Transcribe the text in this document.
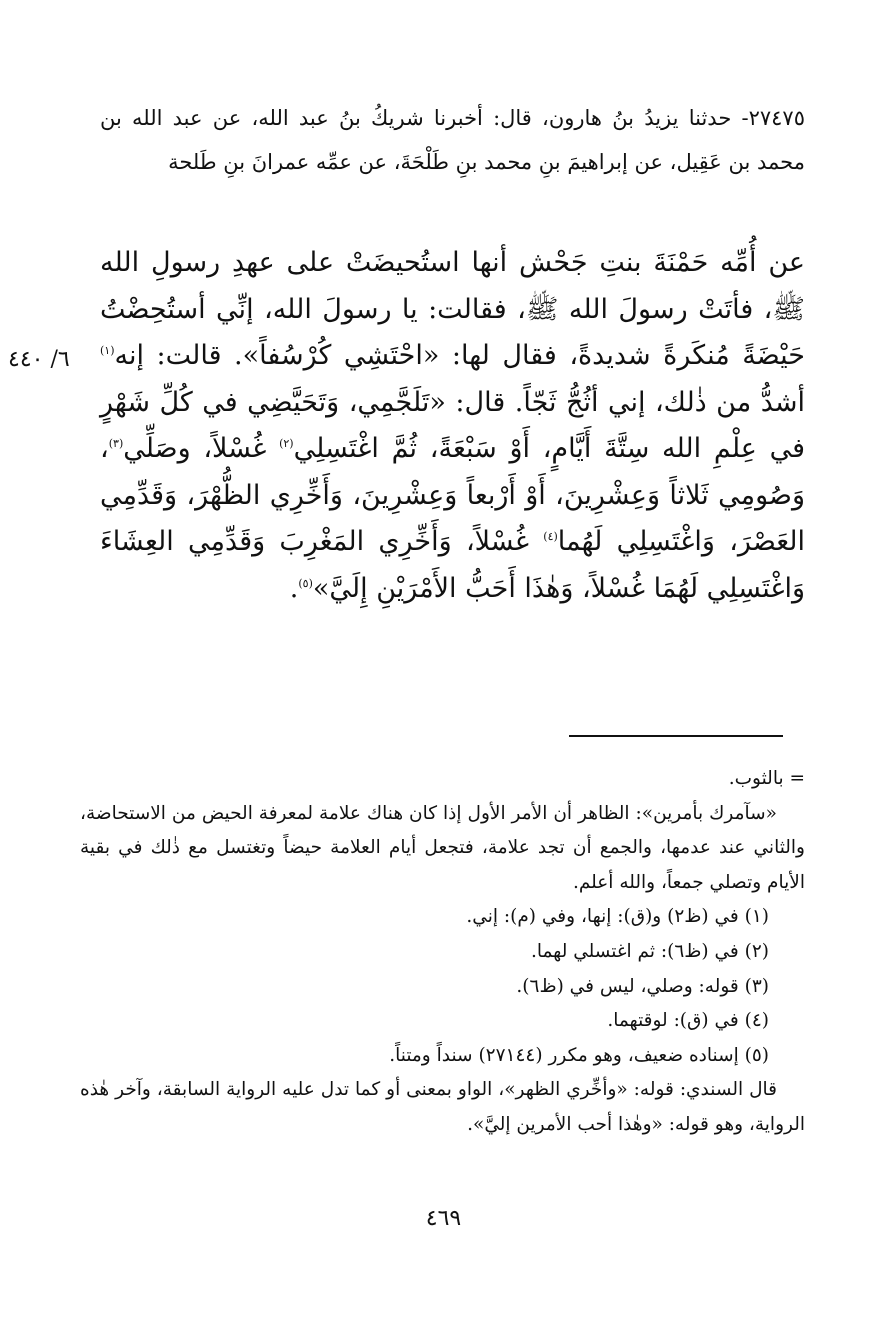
٢٧٤٧٥- حدثنا يزيدُ بنُ هارون، قال: أخبرنا شريكُ بنُ عبد الله، عن عبد الله بن محمد بن عَقِيل، عن إبراهيمَ بنِ محمد بنِ طَلْحَةَ، عن عمِّه عمرانَ بنِ طَلحة

عن أُمِّه حَمْنَةَ بنتِ جَحْش أنها استُحيضَتْ على عهدِ رسولِ الله ﷺ، فأتَتْ رسولَ الله ﷺ، فقالت: يا رسولَ الله، إنِّي أستُحِضْتُ حَيْضَةً مُنكَرةً شديدةً، فقال لها: «احْتَشِي كُرْسُفاً». قالت: إنه$^{(١)}$ أشدُّ من ذٰلك، إني أثُجُّ ثَجّاً. قال: «تَلَجَّمِي، وَتَحَيَّضِي في كُلِّ شَهْرٍ في عِلْمِ الله سِتَّةَ أَيَّامٍ، أَوْ سَبْعَةً، ثُمَّ اغْتَسِلِي$^{(٢)}$ غُسْلاً، وصَلِّي$^{(٣)}$، وَصُومِي ثَلاثاً وَعِشْرِينَ، أَوْ أَرْبعاً وَعِشْرِينَ، وَأَخِّرِي الظُّهْرَ، وَقَدِّمِي العَصْرَ، وَاغْتَسِلِي لَهُما$^{(٤)}$ غُسْلاً، وَأَخِّرِي المَغْرِبَ وَقَدِّمِي العِشَاءَ وَاغْتَسِلِي لَهُمَا غُسْلاً، وَهٰذَا أَحَبُّ الأَمْرَيْنِ إِلَيَّ»$^{(٥)}$.

٦/ ٤٤٠

= بالثوب.

«سآمرك بأمرين»: الظاهر أن الأمر الأول إذا كان هناك علامة لمعرفة الحيض من الاستحاضة، والثاني عند عدمها، والجمع أن تجد علامة، فتجعل أيام العلامة حيضاً وتغتسل مع ذٰلك في بقية الأيام وتصلي جمعاً، والله أعلم.

(١) في (ظ٢) و(ق): إنها، وفي (م): إني.

(٢) في (ظ٦): ثم اغتسلي لهما.

(٣) قوله: وصلي، ليس في (ظ٦).

(٤) في (ق): لوقتهما.

(٥) إسناده ضعيف، وهو مكرر (٢٧١٤٤) سنداً ومتناً.

قال السندي: قوله: «وأخِّري الظهر»، الواو بمعنى أو كما تدل عليه الرواية السابقة، وآخر هٰذه الرواية، وهو قوله: «وهٰذا أحب الأمرين إليَّ».

٤٦٩
